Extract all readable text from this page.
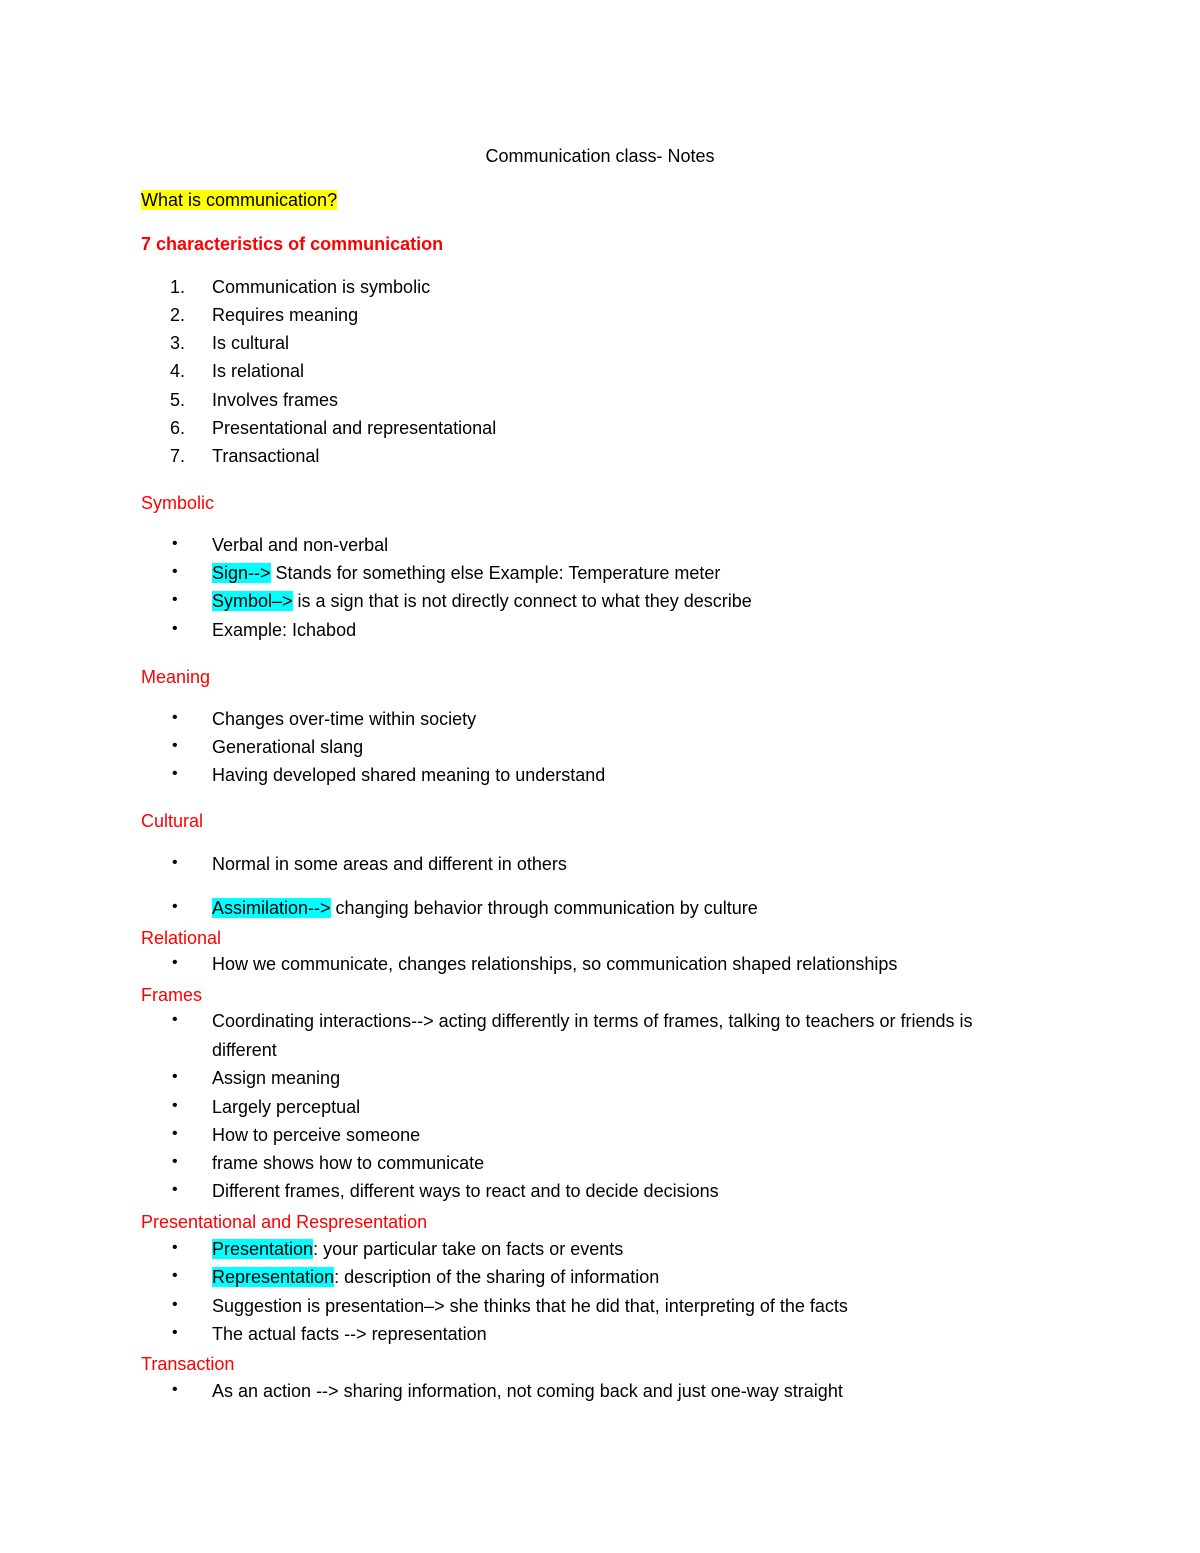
Communication class- Notes
What is communication?
7 characteristics of communication
1.	Communication is symbolic
2.	Requires meaning
3.	Is cultural
4.	Is relational
5.	Involves frames
6.	Presentational and representational
7.	Transactional
Symbolic
• Verbal and non-verbal
• Sign--> Stands for something else Example: Temperature meter
• Symbol–> is a sign that is not directly connect to what they describe
• Example: Ichabod
Meaning
• Changes over-time within society
• Generational slang
• Having developed shared meaning to understand
Cultural
• Normal in some areas and different in others
• Assimilation--> changing behavior through communication by culture
Relational
• How we communicate, changes relationships, so communication shaped relationships
Frames
• Coordinating interactions--> acting differently in terms of frames, talking to teachers or friends is
different
• Assign meaning
• Largely perceptual
• How to perceive someone
• frame shows how to communicate
• Different frames, different ways to react and to decide decisions
Presentational and Respresentation
• Presentation: your particular take on facts or events
• Representation: description of the sharing of information
• Suggestion is presentation–> she thinks that he did that, interpreting of the facts
• The actual facts --> representation
Transaction
• As an action --> sharing information, not coming back and just one-way straight
